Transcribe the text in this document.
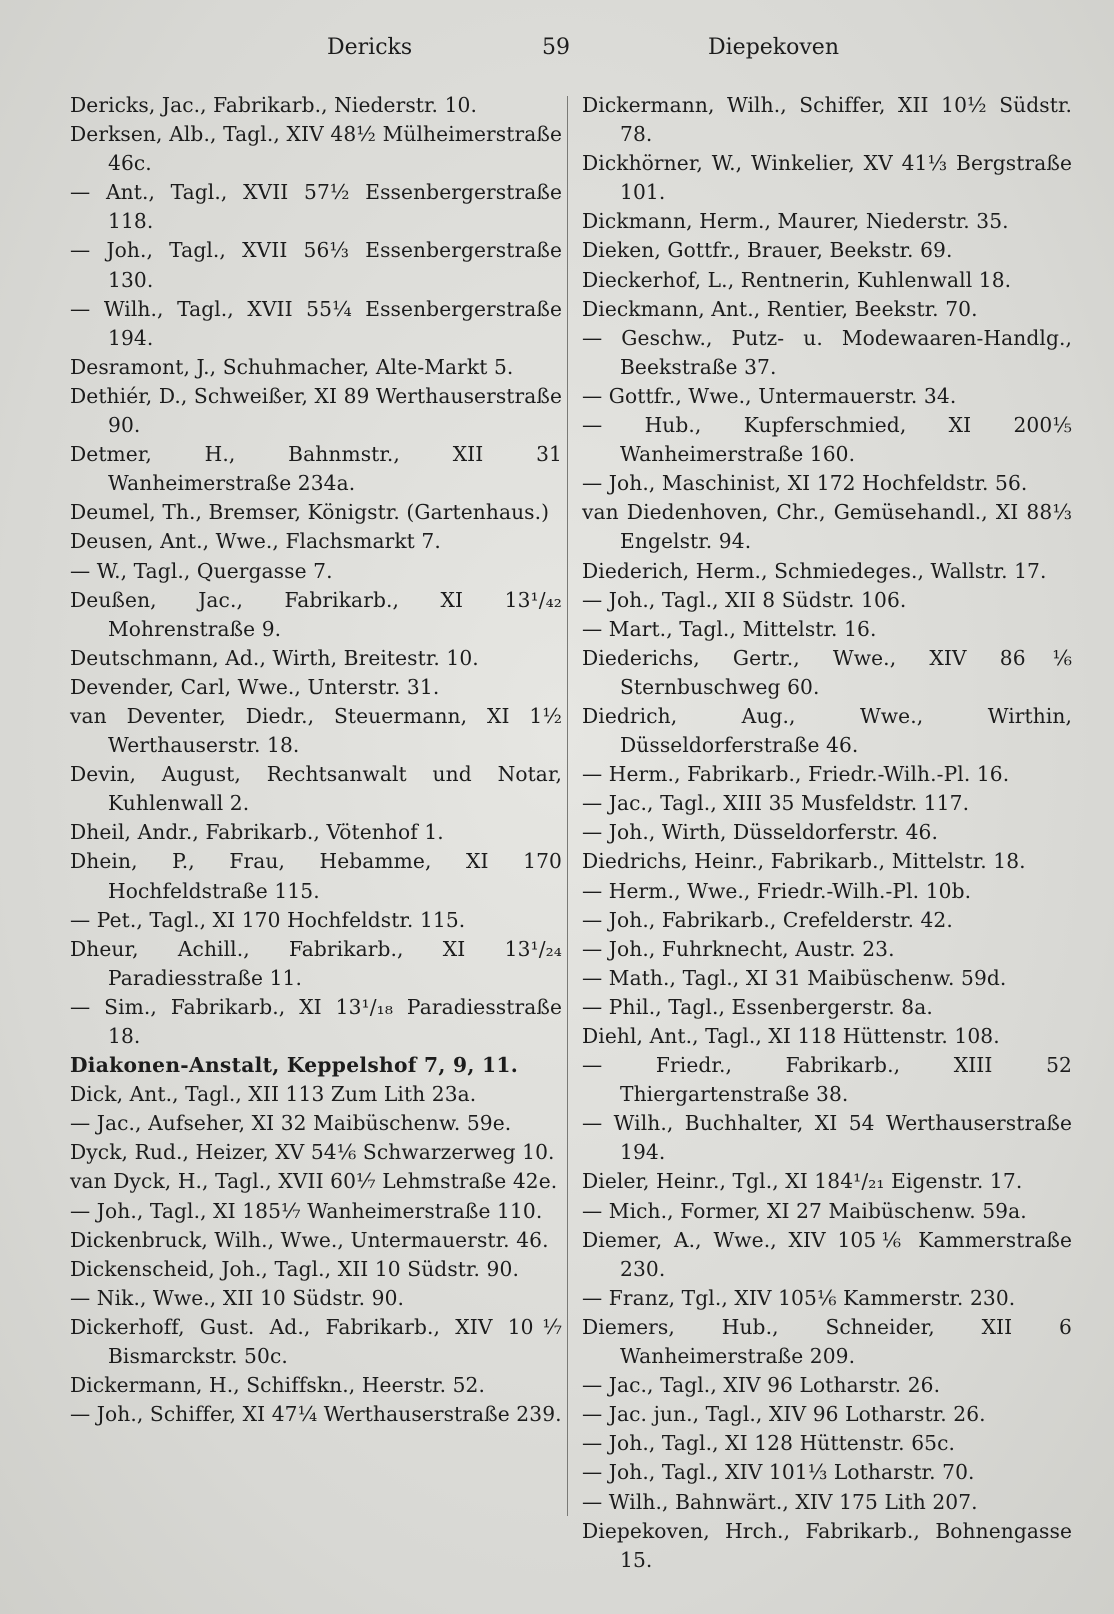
Dericks	59	Diepekoven
Dericks, Jac., Fabrikarb., Niederstr. 10.
Derksen, Alb., Tagl., XIV 48½ Mülheimerstraße 46c.
— Ant., Tagl., XVII 57½ Essenbergerstraße 118.
— Joh., Tagl., XVII 56⅓ Essenbergerstraße 130.
— Wilh., Tagl., XVII 55¼ Essenbergerstraße 194.
Desramont, J., Schuhmacher, Alte-Markt 5.
Dethiér, D., Schweißer, XI 89 Werthauserstraße 90.
Detmer, H., Bahnmstr., XII 31 Wanheimerstraße 234a.
Deumel, Th., Bremser, Königstr. (Gartenhaus.)
Deusen, Ant., Wwe., Flachsmarkt 7.
— W., Tagl., Quergasse 7.
Deußen, Jac., Fabrikarb., XI 13¹/₄₂ Mohrenstraße 9.
Deutschmann, Ad., Wirth, Breitestr. 10.
Devender, Carl, Wwe., Unterstr. 31.
van Deventer, Diedr., Steuermann, XI 1½ Werthauserstr. 18.
Devin, August, Rechtsanwalt und Notar, Kuhlenwall 2.
Dheil, Andr., Fabrikarb., Vötenhof 1.
Dhein, P., Frau, Hebamme, XI 170 Hochfeldstraße 115.
— Pet., Tagl., XI 170 Hochfeldstr. 115.
Dheur, Achill., Fabrikarb., XI 13¹/₂₄ Paradiesstraße 11.
— Sim., Fabrikarb., XI 13¹/₁₈ Paradiesstraße 18.
Diakonen-Anstalt, Keppelshof 7, 9, 11.
Dick, Ant., Tagl., XII 113 Zum Lith 23a.
— Jac., Aufseher, XI 32 Maibüschenw. 59e.
Dyck, Rud., Heizer, XV 54⅙ Schwarzerweg 10.
van Dyck, H., Tagl., XVII 60⅐ Lehmstraße 42e.
— Joh., Tagl., XI 185⅐ Wanheimerstraße 110.
Dickenbruck, Wilh., Wwe., Untermauerstr. 46.
Dickenscheid, Joh., Tagl., XII 10 Südstr. 90.
— Nik., Wwe., XII 10 Südstr. 90.
Dickerhoff, Gust. Ad., Fabrikarb., XIV 10⅐ Bismarckstr. 50c.
Dickermann, H., Schiffskn., Heerstr. 52.
— Joh., Schiffer, XI 47¼ Werthauserstraße 239.
Dickermann, Wilh., Schiffer, XII 10½ Südstr. 78.
Dickhörner, W., Winkelier, XV 41⅓ Bergstraße 101.
Dickmann, Herm., Maurer, Niederstr. 35.
Dieken, Gottfr., Brauer, Beekstr. 69.
Dieckerhof, L., Rentnerin, Kuhlenwall 18.
Dieckmann, Ant., Rentier, Beekstr. 70.
— Geschw., Putz- u. Modewaaren-Handlg., Beekstraße 37.
— Gottfr., Wwe., Untermauerstr. 34.
— Hub., Kupferschmied, XI 200⅕ Wanheimerstraße 160.
— Joh., Maschinist, XI 172 Hochfeldstr. 56.
van Diedenhoven, Chr., Gemüsehandl., XI 88⅓ Engelstr. 94.
Diederich, Herm., Schmiedeges., Wallstr. 17.
— Joh., Tagl., XII 8 Südstr. 106.
— Mart., Tagl., Mittelstr. 16.
Diederichs, Gertr., Wwe., XIV 86⅙ Sternbuschweg 60.
Diedrich, Aug., Wwe., Wirthin, Düsseldorferstraße 46.
— Herm., Fabrikarb., Friedr.-Wilh.-Pl. 16.
— Jac., Tagl., XIII 35 Musfeldstr. 117.
— Joh., Wirth, Düsseldorferstr. 46.
Diedrichs, Heinr., Fabrikarb., Mittelstr. 18.
— Herm., Wwe., Friedr.-Wilh.-Pl. 10b.
— Joh., Fabrikarb., Crefelderstr. 42.
— Joh., Fuhrknecht, Austr. 23.
— Math., Tagl., XI 31 Maibüschenw. 59d.
— Phil., Tagl., Essenbergerstr. 8a.
Diehl, Ant., Tagl., XI 118 Hüttenstr. 108.
— Friedr., Fabrikarb., XIII 52 Thiergartenstraße 38.
— Wilh., Buchhalter, XI 54 Werthauserstraße 194.
Dieler, Heinr., Tgl., XI 184¹/₂₁ Eigenstr. 17.
— Mich., Former, XI 27 Maibüschenw. 59a.
Diemer, A., Wwe., XIV 105⅙ Kammerstraße 230.
— Franz, Tgl., XIV 105⅙ Kammerstr. 230.
Diemers, Hub., Schneider, XII 6 Wanheimerstraße 209.
— Jac., Tagl., XIV 96 Lotharstr. 26.
— Jac. jun., Tagl., XIV 96 Lotharstr. 26.
— Joh., Tagl., XI 128 Hüttenstr. 65c.
— Joh., Tagl., XIV 101⅓ Lotharstr. 70.
— Wilh., Bahnwärt., XIV 175 Lith 207.
Diepekoven, Hrch., Fabrikarb., Bohnengasse 15.
